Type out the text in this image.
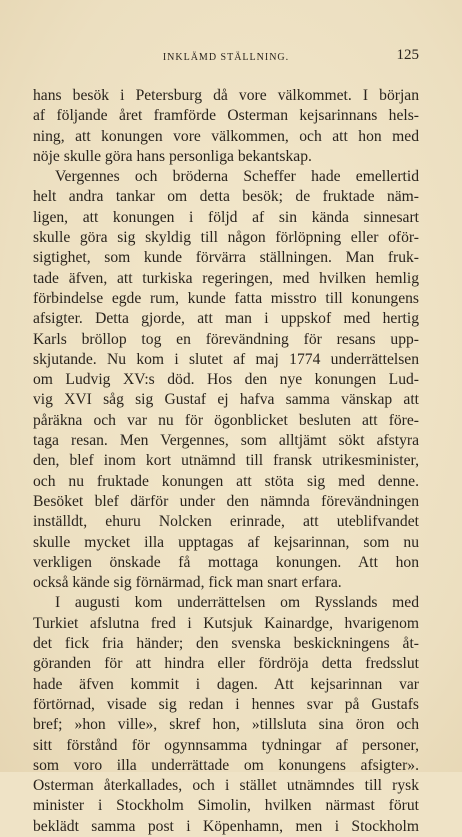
INKLÄMD STÄLLNING.	125
hans besök i Petersburg då vore välkommet. I början
af följande året framförde Osterman kejsarinnans hels-
ning, att konungen vore välkommen, och att hon med
nöje skulle göra hans personliga bekantskap.
Vergennes och bröderna Scheffer hade emellertid
helt andra tankar om detta besök; de fruktade näm-
ligen, att konungen i följd af sin kända sinnesart
skulle göra sig skyldig till någon förlöpning eller oför-
sigtighet, som kunde förvärra ställningen. Man fruk-
tade äfven, att turkiska regeringen, med hvilken hemlig
förbindelse egde rum, kunde fatta misstro till konungens
afsigter. Detta gjorde, att man i uppskof med hertig
Karls bröllop tog en förevändning för resans upp-
skjutande. Nu kom i slutet af maj 1774 underrättelsen
om Ludvig XV:s död. Hos den nye konungen Lud-
vig XVI såg sig Gustaf ej hafva samma vänskap att
påräkna och var nu för ögonblicket besluten att före-
taga resan. Men Vergennes, som alltjämt sökt afstyra
den, blef inom kort utnämnd till fransk utrikesminister,
och nu fruktade konungen att stöta sig med denne.
Besöket blef därför under den nämnda förevändningen
inställdt, ehuru Nolcken erinrade, att uteblifvandet
skulle mycket illa upptagas af kejsarinnan, som nu
verkligen önskade få mottaga konungen. Att hon
också kände sig förnärmad, fick man snart erfara.
I augusti kom underrättelsen om Rysslands med
Turkiet afslutna fred i Kutsjuk Kainardge, hvarigenom
det fick fria händer; den svenska beskickningens åt-
göranden för att hindra eller fördröja detta fredsslut
hade äfven kommit i dagen. Att kejsarinnan var
förtörnad, visade sig redan i hennes svar på Gustafs
bref; »hon ville», skref hon, »tillsluta sina öron och
sitt förstånd för ogynnsamma tydningar af personer,
som voro illa underrättade om konungens afsigter».
Osterman återkallades, och i stället utnämndes till rysk
minister i Stockholm Simolin, hvilken närmast förut
beklädt samma post i Köpenhamn, men i Stockholm
